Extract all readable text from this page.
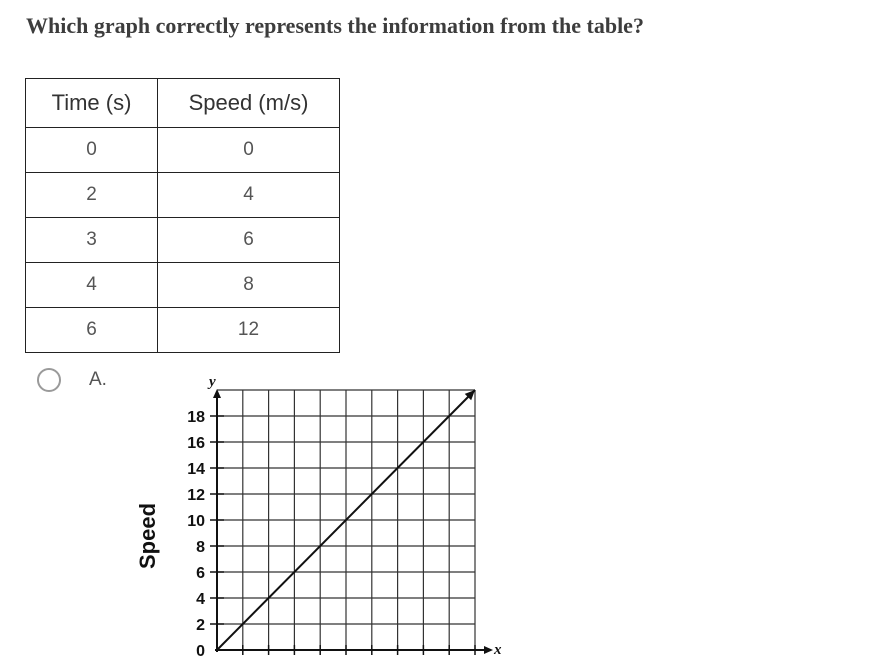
Which graph correctly represents the information from the table?
Time (s)	Speed (m/s)
0	0
2	4
3	6
4	8
6	12
A.
0
2
4
6
8
10
12
14
16
18
y
x
Speed
